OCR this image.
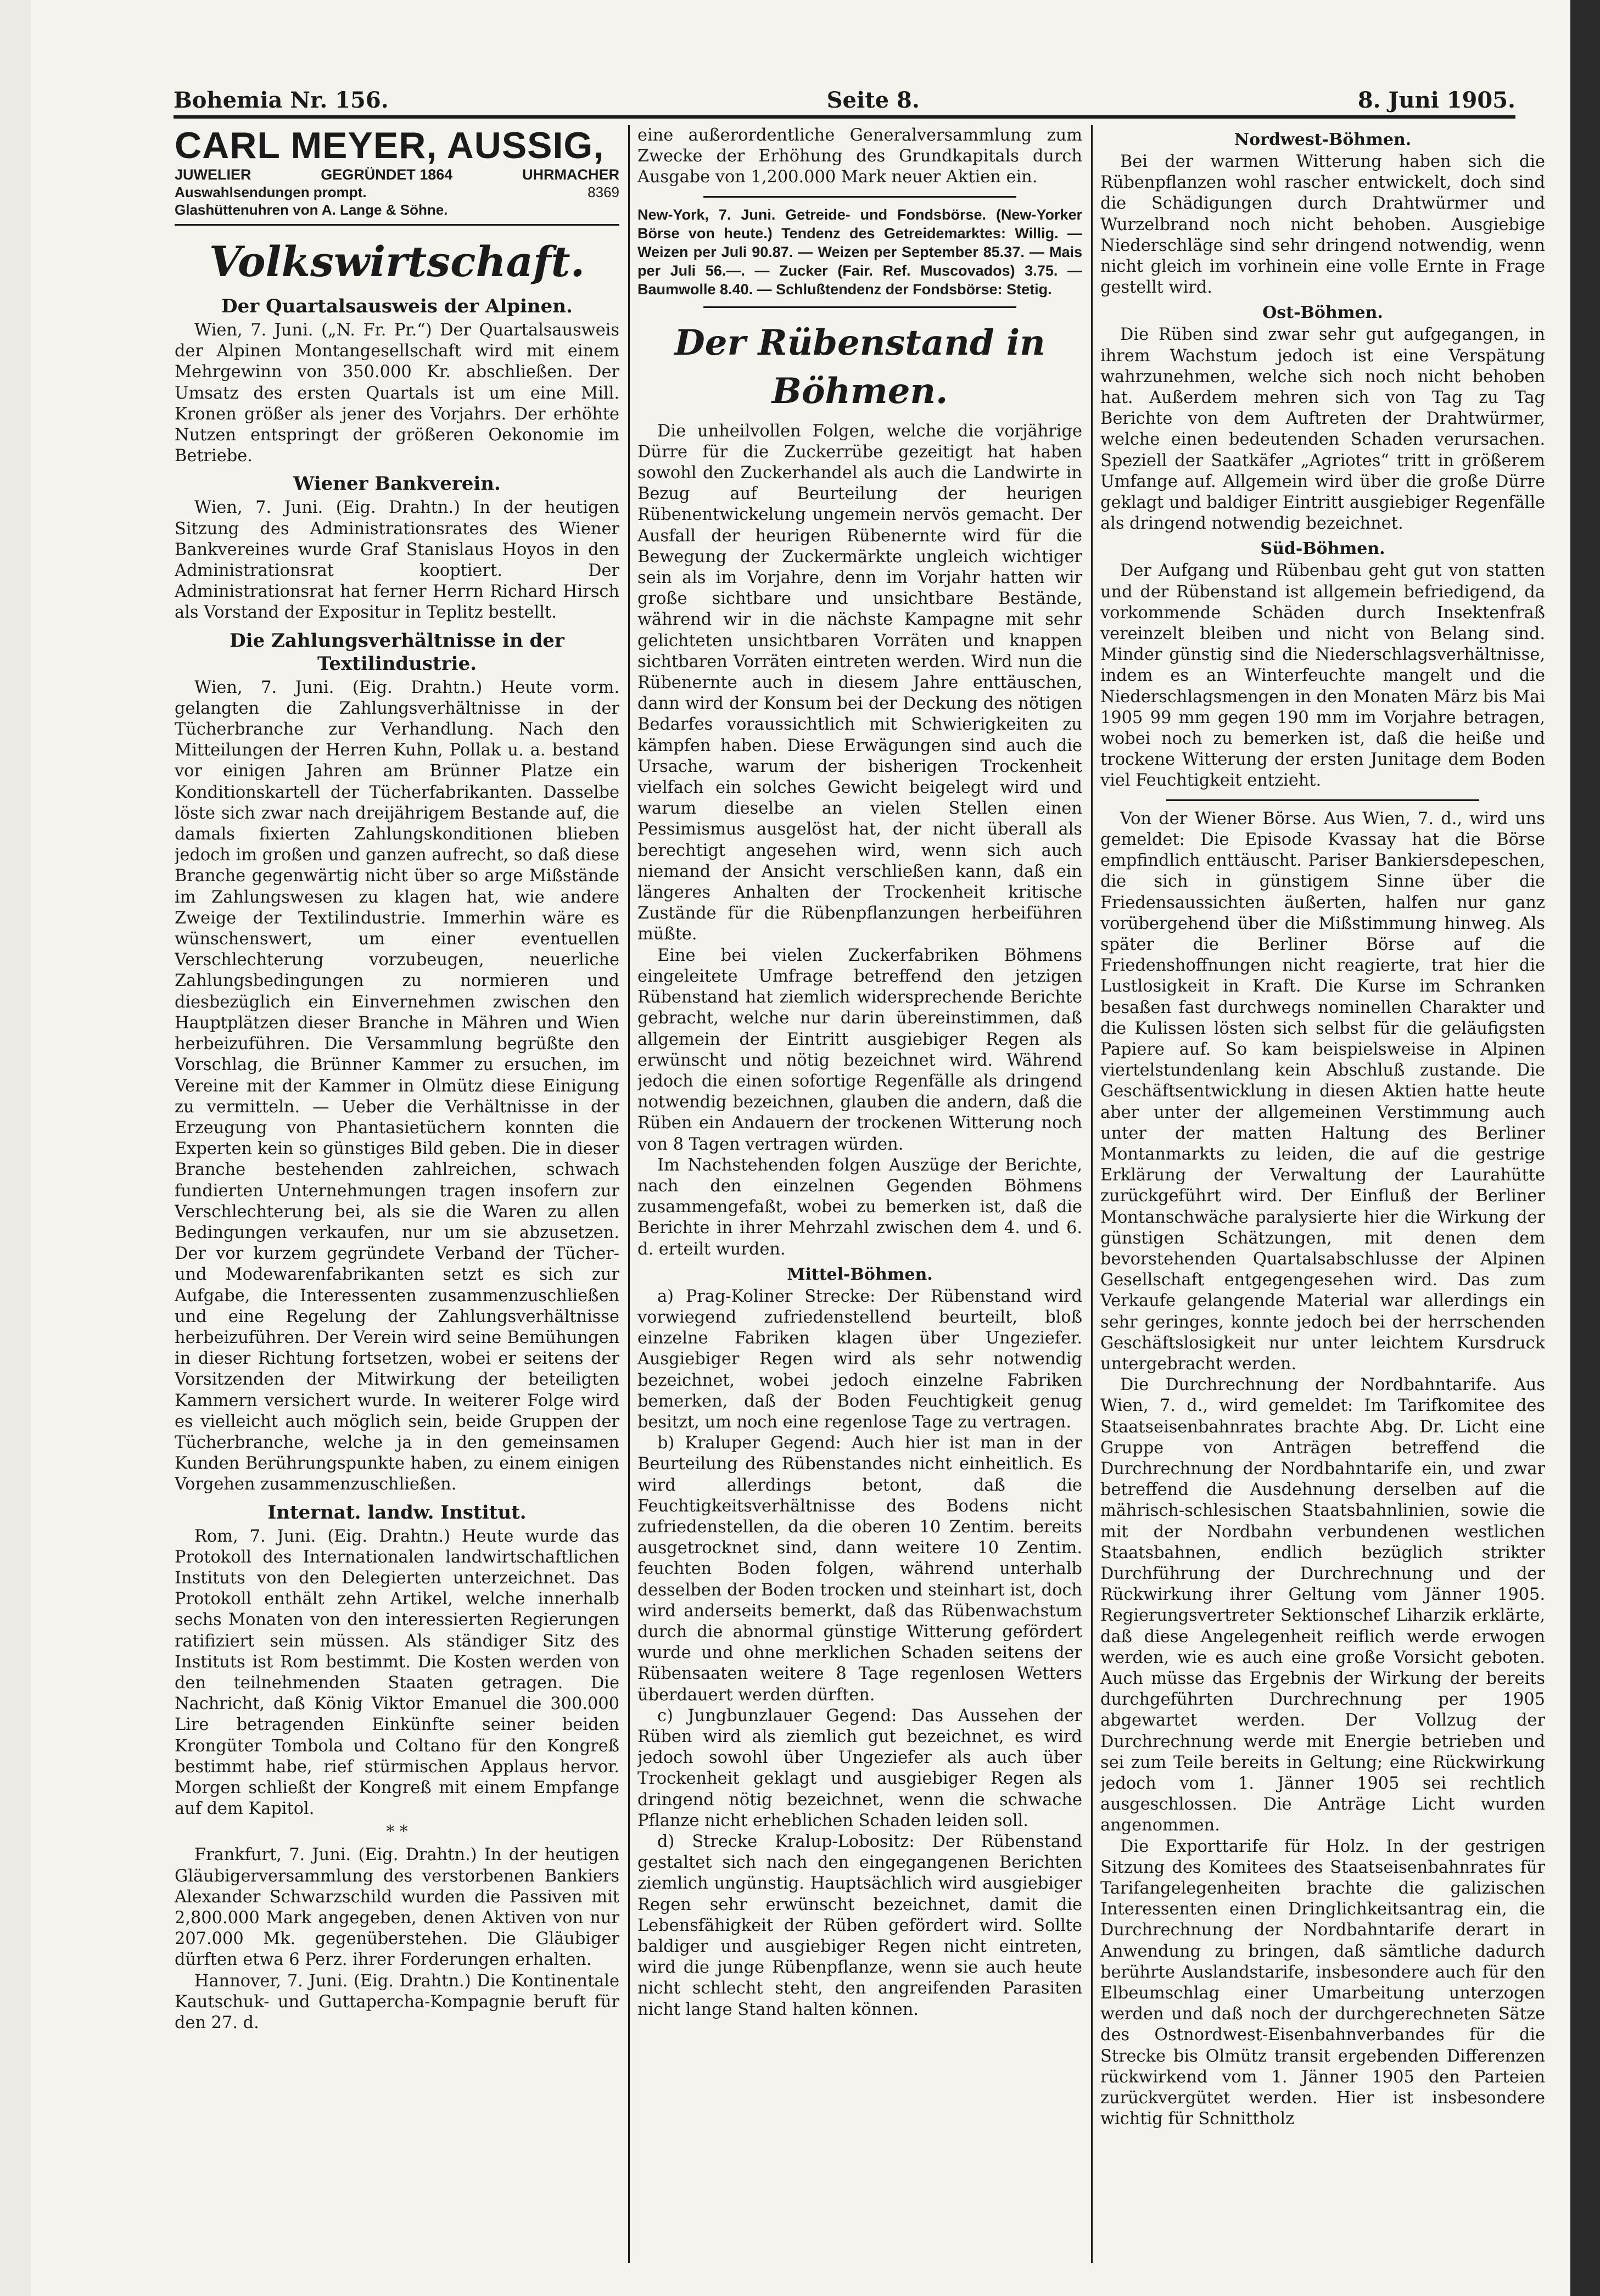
Bohemia Nr. 156.	Seite 8.	8. Juni 1905.
CARL MEYER, AUSSIG,
JUWELIER	GEGRÜNDET 1864	UHRMACHER
Auswahlsendungen prompt.	8369
Glashüttenuhren von A. Lange & Söhne.
Volkswirtschaft.
Der Quartalsausweis der Alpinen.

Wien, 7. Juni. („N. Fr. Pr.“) Der Quartalsausweis der Alpinen Montangesellschaft wird mit einem Mehrgewinn von 350.000 Kr. abschließen. Der Umsatz des ersten Quartals ist um eine Mill. Kronen größer als jener des Vorjahrs. Der erhöhte Nutzen entspringt der größeren Oekonomie im Betriebe.

Wiener Bankverein.

Wien, 7. Juni. (Eig. Drahtn.) In der heutigen Sitzung des Administrationsrates des Wiener Bankvereines wurde Graf Stanislaus Hoyos in den Administrationsrat kooptiert. Der Administrationsrat hat ferner Herrn Richard Hirsch als Vorstand der Expositur in Teplitz bestellt.

Die Zahlungsverhältnisse in der Textilindustrie.

Wien, 7. Juni. (Eig. Drahtn.) Heute vorm. gelangten die Zahlungsverhältnisse in der Tücherbranche zur Verhandlung. Nach den Mitteilungen der Herren Kuhn, Pollak u. a. bestand vor einigen Jahren am Brünner Platze ein Konditionskartell der Tücherfabrikanten. Dasselbe löste sich zwar nach dreijährigem Bestande auf, die damals fixierten Zahlungskonditionen blieben jedoch im großen und ganzen aufrecht, so daß diese Branche gegenwärtig nicht über so arge Mißstände im Zahlungswesen zu klagen hat, wie andere Zweige der Textilindustrie. Immerhin wäre es wünschenswert, um einer eventuellen Verschlechterung vorzubeugen, neuerliche Zahlungsbedingungen zu normieren und diesbezüglich ein Einvernehmen zwischen den Hauptplätzen dieser Branche in Mähren und Wien herbeizuführen. Die Versammlung begrüßte den Vorschlag, die Brünner Kammer zu ersuchen, im Vereine mit der Kammer in Olmütz diese Einigung zu vermitteln. — Ueber die Verhältnisse in der Erzeugung von Phantasietüchern konnten die Experten kein so günstiges Bild geben. Die in dieser Branche bestehenden zahlreichen, schwach fundierten Unternehmungen tragen insofern zur Verschlechterung bei, als sie die Waren zu allen Bedingungen verkaufen, nur um sie abzusetzen. Der vor kurzem gegründete Verband der Tücher- und Modewarenfabrikanten setzt es sich zur Aufgabe, die Interessenten zusammenzuschließen und eine Regelung der Zahlungsverhältnisse herbeizuführen. Der Verein wird seine Bemühungen in dieser Richtung fortsetzen, wobei er seitens der Vorsitzenden der Mitwirkung der beteiligten Kammern versichert wurde. In weiterer Folge wird es vielleicht auch möglich sein, beide Gruppen der Tücherbranche, welche ja in den gemeinsamen Kunden Berührungspunkte haben, zu einem einigen Vorgehen zusammenzuschließen.

Internat. landw. Institut.

Rom, 7. Juni. (Eig. Drahtn.) Heute wurde das Protokoll des Internationalen landwirtschaftlichen Instituts von den Delegierten unterzeichnet. Das Protokoll enthält zehn Artikel, welche innerhalb sechs Monaten von den interessierten Regierungen ratifiziert sein müssen. Als ständiger Sitz des Instituts ist Rom bestimmt. Die Kosten werden von den teilnehmenden Staaten getragen. Die Nachricht, daß König Viktor Emanuel die 300.000 Lire betragenden Einkünfte seiner beiden Krongüter Tombola und Coltano für den Kongreß bestimmt habe, rief stürmischen Applaus hervor. Morgen schließt der Kongreß mit einem Empfange auf dem Kapitol.

* *

Frankfurt, 7. Juni. (Eig. Drahtn.) In der heutigen Gläubigerversammlung des verstorbenen Bankiers Alexander Schwarzschild wurden die Passiven mit 2,800.000 Mark angegeben, denen Aktiven von nur 207.000 Mk. gegenüberstehen. Die Gläubiger dürften etwa 6 Perz. ihrer Forderungen erhalten.

Hannover, 7. Juni. (Eig. Drahtn.) Die Kontinentale Kautschuk- und Guttapercha-Kompagnie beruft für den 27. d.

eine außerordentliche Generalversammlung zum Zwecke der Erhöhung des Grundkapitals durch Ausgabe von 1,200.000 Mark neuer Aktien ein.

New-York, 7. Juni. Getreide- und Fondsbörse. (New-Yorker Börse von heute.) Tendenz des Getreidemarktes: Willig. — Weizen per Juli 90.87. — Weizen per September 85.37. — Mais per Juli 56.—. — Zucker (Fair. Ref. Muscovados) 3.75. — Baumwolle 8.40. — Schlußtendenz der Fondsbörse: Stetig.
Der Rübenstand in Böhmen.

Die unheilvollen Folgen, welche die vorjährige Dürre für die Zuckerrübe gezeitigt hat haben sowohl den Zuckerhandel als auch die Landwirte in Bezug auf Beurteilung der heurigen Rübenentwickelung ungemein nervös gemacht. Der Ausfall der heurigen Rübenernte wird für die Bewegung der Zuckermärkte ungleich wichtiger sein als im Vorjahre, denn im Vorjahr hatten wir große sichtbare und unsichtbare Bestände, während wir in die nächste Kampagne mit sehr gelichteten unsichtbaren Vorräten und knappen sichtbaren Vorräten eintreten werden. Wird nun die Rübenernte auch in diesem Jahre enttäuschen, dann wird der Konsum bei der Deckung des nötigen Bedarfes voraussichtlich mit Schwierigkeiten zu kämpfen haben. Diese Erwägungen sind auch die Ursache, warum der bisherigen Trockenheit vielfach ein solches Gewicht beigelegt wird und warum dieselbe an vielen Stellen einen Pessimismus ausgelöst hat, der nicht überall als berechtigt angesehen wird, wenn sich auch niemand der Ansicht verschließen kann, daß ein längeres Anhalten der Trockenheit kritische Zustände für die Rübenpflanzungen herbeiführen müßte.

Eine bei vielen Zuckerfabriken Böhmens eingeleitete Umfrage betreffend den jetzigen Rübenstand hat ziemlich widersprechende Berichte gebracht, welche nur darin übereinstimmen, daß allgemein der Eintritt ausgiebiger Regen als erwünscht und nötig bezeichnet wird. Während jedoch die einen sofortige Regenfälle als dringend notwendig bezeichnen, glauben die andern, daß die Rüben ein Andauern der trockenen Witterung noch von 8 Tagen vertragen würden.

Im Nachstehenden folgen Auszüge der Berichte, nach den einzelnen Gegenden Böhmens zusammengefaßt, wobei zu bemerken ist, daß die Berichte in ihrer Mehrzahl zwischen dem 4. und 6. d. erteilt wurden.

Mittel-Böhmen.

a) Prag-Koliner Strecke: Der Rübenstand wird vorwiegend zufriedenstellend beurteilt, bloß einzelne Fabriken klagen über Ungeziefer. Ausgiebiger Regen wird als sehr notwendig bezeichnet, wobei jedoch einzelne Fabriken bemerken, daß der Boden Feuchtigkeit genug besitzt, um noch eine regenlose Tage zu vertragen.

b) Kraluper Gegend: Auch hier ist man in der Beurteilung des Rübenstandes nicht einheitlich. Es wird allerdings betont, daß die Feuchtigkeitsverhältnisse des Bodens nicht zufriedenstellen, da die oberen 10 Zentim. bereits ausgetrocknet sind, dann weitere 10 Zentim. feuchten Boden folgen, während unterhalb desselben der Boden trocken und steinhart ist, doch wird anderseits bemerkt, daß das Rübenwachstum durch die abnormal günstige Witterung gefördert wurde und ohne merklichen Schaden seitens der Rübensaaten weitere 8 Tage regenlosen Wetters überdauert werden dürften.

c) Jungbunzlauer Gegend: Das Aussehen der Rüben wird als ziemlich gut bezeichnet, es wird jedoch sowohl über Ungeziefer als auch über Trockenheit geklagt und ausgiebiger Regen als dringend nötig bezeichnet, wenn die schwache Pflanze nicht erheblichen Schaden leiden soll.

d) Strecke Kralup-Lobositz: Der Rübenstand gestaltet sich nach den eingegangenen Berichten ziemlich ungünstig. Hauptsächlich wird ausgiebiger Regen sehr erwünscht bezeichnet, damit die Lebensfähigkeit der Rüben gefördert wird. Sollte baldiger und ausgiebiger Regen nicht eintreten, wird die junge Rübenpflanze, wenn sie auch heute nicht schlecht steht, den angreifenden Parasiten nicht lange Stand halten können.

Nordwest-Böhmen.

Bei der warmen Witterung haben sich die Rübenpflanzen wohl rascher entwickelt, doch sind die Schädigungen durch Drahtwürmer und Wurzelbrand noch nicht behoben. Ausgiebige Niederschläge sind sehr dringend notwendig, wenn nicht gleich im vorhinein eine volle Ernte in Frage gestellt wird.

Ost-Böhmen.

Die Rüben sind zwar sehr gut aufgegangen, in ihrem Wachstum jedoch ist eine Verspätung wahrzunehmen, welche sich noch nicht behoben hat. Außerdem mehren sich von Tag zu Tag Berichte von dem Auftreten der Drahtwürmer, welche einen bedeutenden Schaden verursachen. Speziell der Saatkäfer „Agriotes“ tritt in größerem Umfange auf. Allgemein wird über die große Dürre geklagt und baldiger Eintritt ausgiebiger Regenfälle als dringend notwendig bezeichnet.

Süd-Böhmen.

Der Aufgang und Rübenbau geht gut von statten und der Rübenstand ist allgemein befriedigend, da vorkommende Schäden durch Insektenfraß vereinzelt bleiben und nicht von Belang sind. Minder günstig sind die Niederschlagsverhältnisse, indem es an Winterfeuchte mangelt und die Niederschlagsmengen in den Monaten März bis Mai 1905 99 mm gegen 190 mm im Vorjahre betragen, wobei noch zu bemerken ist, daß die heiße und trockene Witterung der ersten Junitage dem Boden viel Feuchtigkeit entzieht.

Von der Wiener Börse. Aus Wien, 7. d., wird uns gemeldet: Die Episode Kvassay hat die Börse empfindlich enttäuscht. Pariser Bankiersdepeschen, die sich in günstigem Sinne über die Friedensaussichten äußerten, halfen nur ganz vorübergehend über die Mißstimmung hinweg. Als später die Berliner Börse auf die Friedenshoffnungen nicht reagierte, trat hier die Lustlosigkeit in Kraft. Die Kurse im Schranken besaßen fast durchwegs nominellen Charakter und die Kulissen lösten sich selbst für die geläufigsten Papiere auf. So kam beispielsweise in Alpinen viertelstundenlang kein Abschluß zustande. Die Geschäftsentwicklung in diesen Aktien hatte heute aber unter der allgemeinen Verstimmung auch unter der matten Haltung des Berliner Montanmarkts zu leiden, die auf die gestrige Erklärung der Verwaltung der Laurahütte zurückgeführt wird. Der Einfluß der Berliner Montanschwäche paralysierte hier die Wirkung der günstigen Schätzungen, mit denen dem bevorstehenden Quartalsabschlusse der Alpinen Gesellschaft entgegengesehen wird. Das zum Verkaufe gelangende Material war allerdings ein sehr geringes, konnte jedoch bei der herrschenden Geschäftslosigkeit nur unter leichtem Kursdruck untergebracht werden.

Die Durchrechnung der Nordbahntarife. Aus Wien, 7. d., wird gemeldet: Im Tarifkomitee des Staatseisenbahnrates brachte Abg. Dr. Licht eine Gruppe von Anträgen betreffend die Durchrechnung der Nordbahntarife ein, und zwar betreffend die Ausdehnung derselben auf die mährisch-schlesischen Staatsbahnlinien, sowie die mit der Nordbahn verbundenen westlichen Staatsbahnen, endlich bezüglich strikter Durchführung der Durchrechnung und der Rückwirkung ihrer Geltung vom Jänner 1905. Regierungsvertreter Sektionschef Liharzik erklärte, daß diese Angelegenheit reiflich werde erwogen werden, wie es auch eine große Vorsicht geboten. Auch müsse das Ergebnis der Wirkung der bereits durchgeführten Durchrechnung per 1905 abgewartet werden. Der Vollzug der Durchrechnung werde mit Energie betrieben und sei zum Teile bereits in Geltung; eine Rückwirkung jedoch vom 1. Jänner 1905 sei rechtlich ausgeschlossen. Die Anträge Licht wurden angenommen.

Die Exporttarife für Holz. In der gestrigen Sitzung des Komitees des Staatseisenbahnrates für Tarifangelegenheiten brachte die galizischen Interessenten einen Dringlichkeitsantrag ein, die Durchrechnung der Nordbahntarife derart in Anwendung zu bringen, daß sämtliche dadurch berührte Auslandstarife, insbesondere auch für den Elbeumschlag einer Umarbeitung unterzogen werden und daß noch der durchgerechneten Sätze des Ostnordwest-Eisenbahnverbandes für die Strecke bis Olmütz transit ergebenden Differenzen rückwirkend vom 1. Jänner 1905 den Parteien zurückvergütet werden. Hier ist insbesondere wichtig für Schnittholz
